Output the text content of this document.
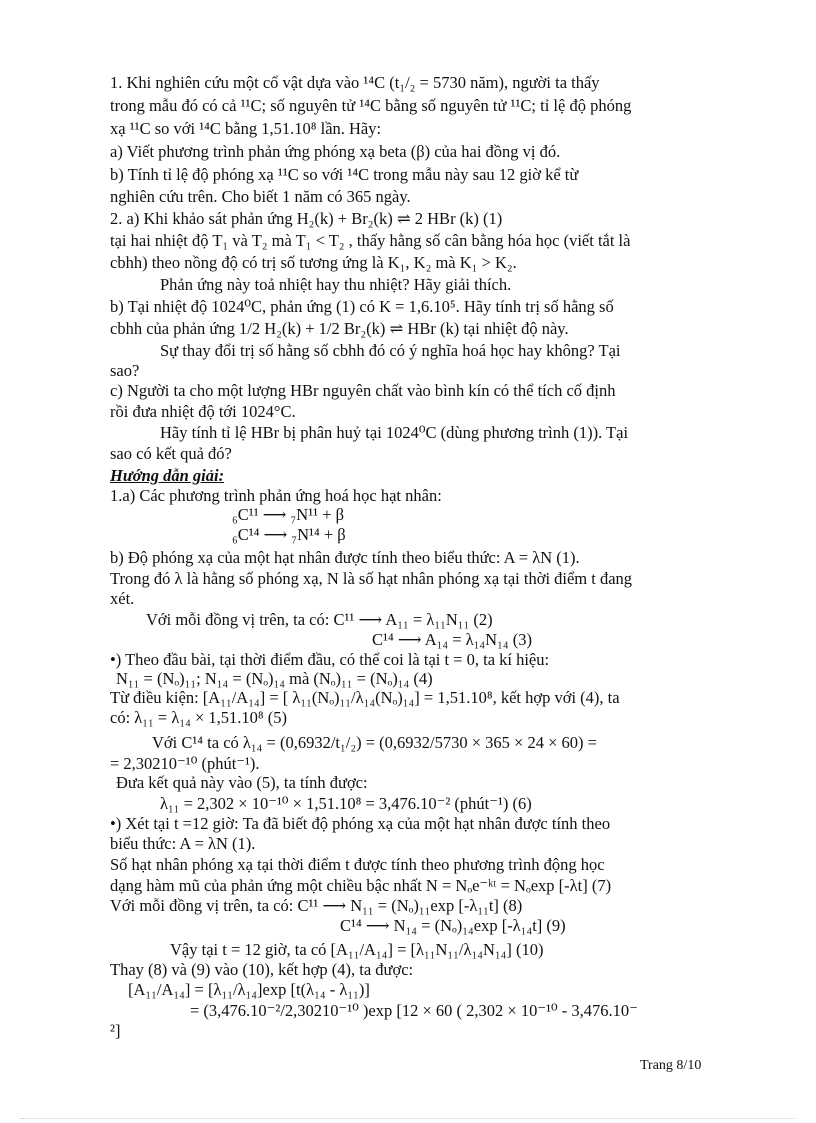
1. Khi nghiên cứu một cổ vật dựa vào ¹⁴C (t₁/₂ = 5730 năm), người ta thấy
trong mẫu đó có cả ¹¹C; số nguyên tử ¹⁴C bằng số nguyên tử ¹¹C; tỉ lệ độ phóng
xạ ¹¹C so với ¹⁴C bằng 1,51.10⁸ lần. Hãy:
a) Viết phương trình phản ứng phóng xạ beta (β) của hai đồng vị đó.
b) Tính tỉ lệ độ phóng xạ ¹¹C so với ¹⁴C trong mẫu này sau 12 giờ kể từ
nghiên cứu trên. Cho biết 1 năm có 365 ngày.
2. a) Khi khảo sát phản ứng H₂(k) + Br₂(k) ⇌ 2 HBr (k) (1)
tại hai nhiệt độ T₁ và T₂ mà T₁ < T₂ , thấy hằng số cân bằng hóa học (viết tắt là
cbhh) theo nồng độ có trị số tương ứng là K₁, K₂ mà K₁ > K₂.
Phản ứng này toả nhiệt hay thu nhiệt? Hãy giải thích.
b) Tại nhiệt độ 1024⁰C, phản ứng (1) có K = 1,6.10⁵. Hãy tính trị số hằng số
cbhh của phản ứng 1/2 H₂(k) + 1/2 Br₂(k) ⇌ HBr (k) tại nhiệt độ này.
Sự thay đổi trị số hằng số cbhh đó có ý nghĩa hoá học hay không? Tại
sao?
c) Người ta cho một lượng HBr nguyên chất vào bình kín có thể tích cố định
rồi đưa nhiệt độ tới 1024°C.
Hãy tính tỉ lệ HBr bị phân huỷ tại 1024⁰C (dùng phương trình (1)). Tại
sao có kết quả đó?
Hướng dẫn giải:
1.a) Các phương trình phản ứng hoá học hạt nhân:
₆C¹¹ ⟶ ₇N¹¹ + β
₆C¹⁴ ⟶ ₇N¹⁴ + β
b) Độ phóng xạ của một hạt nhân được tính theo biểu thức: A = λN (1).
Trong đó λ là hằng số phóng xạ, N là số hạt nhân phóng xạ tại thời điểm t đang
xét.
Với mỗi đồng vị trên, ta có: C¹¹ ⟶ A₁₁ = λ₁₁N₁₁ (2)
C¹⁴ ⟶ A₁₄ = λ₁₄N₁₄ (3)
•) Theo đầu bài, tại thời điểm đầu, có thể coi là tại t = 0, ta kí hiệu:
N₁₁ = (Nₒ)₁₁; N₁₄ = (Nₒ)₁₄ mà (Nₒ)₁₁ = (Nₒ)₁₄ (4)
Từ điều kiện: [A₁₁/A₁₄] = [ λ₁₁(Nₒ)₁₁/λ₁₄(Nₒ)₁₄] = 1,51.10⁸, kết hợp với (4), ta
có: λ₁₁ = λ₁₄ × 1,51.10⁸ (5)
Với C¹⁴ ta có λ₁₄ = (0,6932/t₁/₂) = (0,6932/5730 × 365 × 24 × 60) =
= 2,30210⁻¹⁰ (phút⁻¹).
Đưa kết quả này vào (5), ta tính được:
λ₁₁ = 2,302 × 10⁻¹⁰ × 1,51.10⁸ = 3,476.10⁻² (phút⁻¹) (6)
•) Xét tại t =12 giờ: Ta đã biết độ phóng xạ của một hạt nhân được tính theo
biểu thức: A = λN (1).
Số hạt nhân phóng xạ tại thời điểm t được tính theo phương trình động học
dạng hàm mũ của phản ứng một chiều bậc nhất N = Nₒe⁻ᵏᵗ = Nₒexp [-λt] (7)
Với mỗi đồng vị trên, ta có: C¹¹ ⟶ N₁₁ = (Nₒ)₁₁exp [-λ₁₁t] (8)
C¹⁴ ⟶ N₁₄ = (Nₒ)₁₄exp [-λ₁₄t] (9)
Vậy tại t = 12 giờ, ta có [A₁₁/A₁₄] = [λ₁₁N₁₁/λ₁₄N₁₄] (10)
Thay (8) và (9) vào (10), kết hợp (4), ta được:
[A₁₁/A₁₄] = [λ₁₁/λ₁₄]exp [t(λ₁₄ - λ₁₁)]
= (3,476.10⁻²/2,30210⁻¹⁰ )exp [12 × 60 ( 2,302 × 10⁻¹⁰ - 3,476.10⁻
²]
Trang 8/10
